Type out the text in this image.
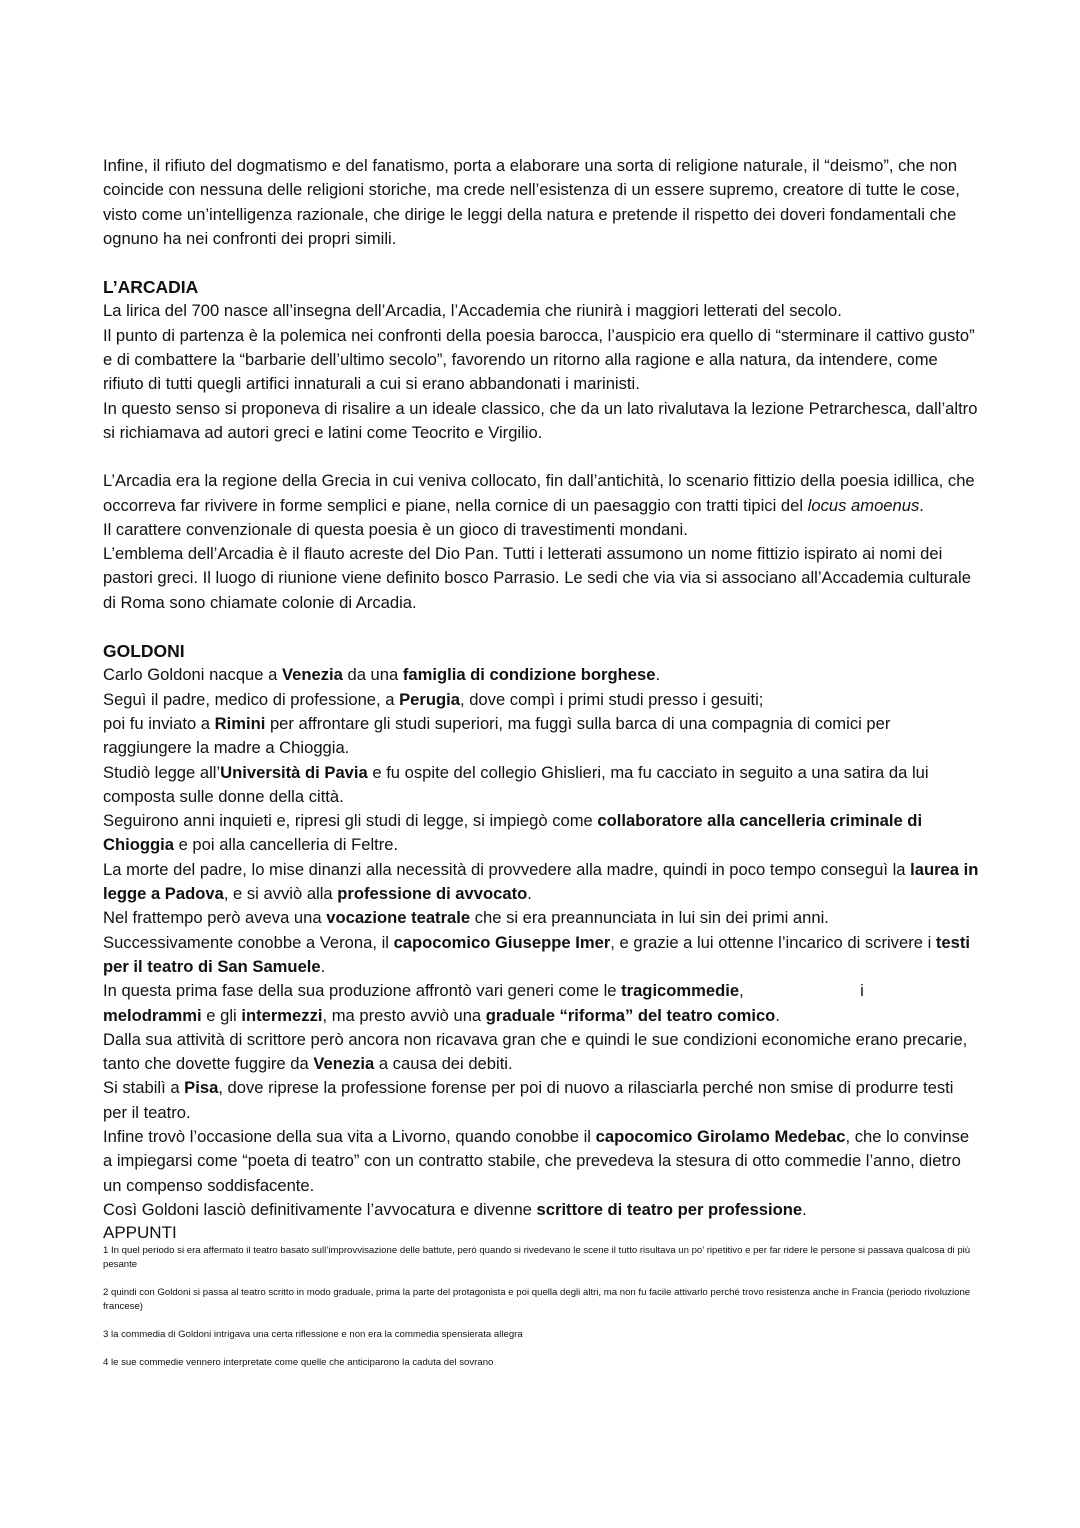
Infine, il rifiuto del dogmatismo e del fanatismo, porta a elaborare una sorta di religione naturale, il “deismo”, che non coincide con nessuna delle religioni storiche, ma crede nell’esistenza di un essere supremo, creatore di tutte le cose, visto come un’intelligenza razionale, che dirige le leggi della natura e pretende il rispetto dei doveri fondamentali che ognuno ha nei confronti dei propri simili.

L’ARCADIA

La lirica del 700 nasce all’insegna dell’Arcadia, l’Accademia che riunirà i maggiori letterati del secolo.

Il punto di partenza è la polemica nei confronti della poesia barocca, l’auspicio era quello di “sterminare il cattivo gusto” e di combattere la “barbarie dell’ultimo secolo”, favorendo un ritorno alla ragione e alla natura, da intendere, come rifiuto di tutti quegli artifici innaturali a cui si erano abbandonati i marinisti.

In questo senso si proponeva di risalire a un ideale classico, che da un lato rivalutava la lezione Petrarchesca, dall’altro si richiamava ad autori greci e latini come Teocrito e Virgilio.

L’Arcadia era la regione della Grecia in cui veniva collocato, fin dall’antichità, lo scenario fittizio della poesia idillica, che occorreva far rivivere in forme semplici e piane, nella cornice di un paesaggio con tratti tipici del locus amoenus.

Il carattere convenzionale di questa poesia è un gioco di travestimenti mondani.

L’emblema dell’Arcadia è il flauto acreste del Dio Pan. Tutti i letterati assumono un nome fittizio ispirato ai nomi dei pastori greci. Il luogo di riunione viene definito bosco Parrasio. Le sedi che via via si associano all’Accademia culturale di Roma sono chiamate colonie di Arcadia.

GOLDONI

Carlo Goldoni nacque a Venezia da una famiglia di condizione borghese.

Seguì il padre, medico di professione, a Perugia, dove compì i primi studi presso i gesuiti;

poi fu inviato a Rimini per affrontare gli studi superiori, ma fuggì sulla barca di una compagnia di comici per raggiungere la madre a Chioggia.

Studiò legge all’Università di Pavia e fu ospite del collegio Ghislieri, ma fu cacciato in seguito a una satira da lui composta sulle donne della città.

Seguirono anni inquieti e, ripresi gli studi di legge, si impiegò come collaboratore alla cancelleria criminale di Chioggia e poi alla cancelleria di Feltre.

La morte del padre, lo mise dinanzi alla necessità di provvedere alla madre, quindi in poco tempo conseguì la laurea in legge a Padova, e si avviò alla professione di avvocato.

Nel frattempo però aveva una vocazione teatrale che si era preannunciata in lui sin dei primi anni.

Successivamente conobbe a Verona, il capocomico Giuseppe Imer, e grazie a lui ottenne l’incarico di scrivere i testi per il teatro di San Samuele.

In questa prima fase della sua produzione affrontò vari generi come le tragicommedie,	i
melodrammi e gli intermezzi, ma presto avviò una graduale “riforma” del teatro comico.

Dalla sua attività di scrittore però ancora non ricavava gran che e quindi le sue condizioni economiche erano precarie, tanto che dovette fuggire da Venezia a causa dei debiti.

Si stabilì a Pisa, dove riprese la professione forense per poi di nuovo a rilasciarla perché non smise di produrre testi per il teatro.

Infine trovò l’occasione della sua vita a Livorno, quando conobbe il capocomico Girolamo Medebac, che lo convinse a impiegarsi come “poeta di teatro” con un contratto stabile, che prevedeva la stesura di otto commedie l’anno, dietro un compenso soddisfacente.

Così Goldoni lasciò definitivamente l’avvocatura e divenne scrittore di teatro per professione.

APPUNTI

1 In quel periodo si era affermato il teatro basato sull’improvvisazione delle battute, però quando si rivedevano le scene il tutto risultava un po’ ripetitivo e per far ridere le persone si passava qualcosa di più pesante

2 quindi con Goldoni si passa al teatro scritto in modo graduale, prima la parte del protagonista e poi quella degli altri, ma non fu facile attivarlo perché trovo resistenza anche in Francia (periodo rivoluzione francese)

3 la commedia di Goldoni intrigava una certa riflessione e non era la commedia spensierata allegra

4 le sue commedie vennero interpretate come quelle che anticiparono la caduta del sovrano
